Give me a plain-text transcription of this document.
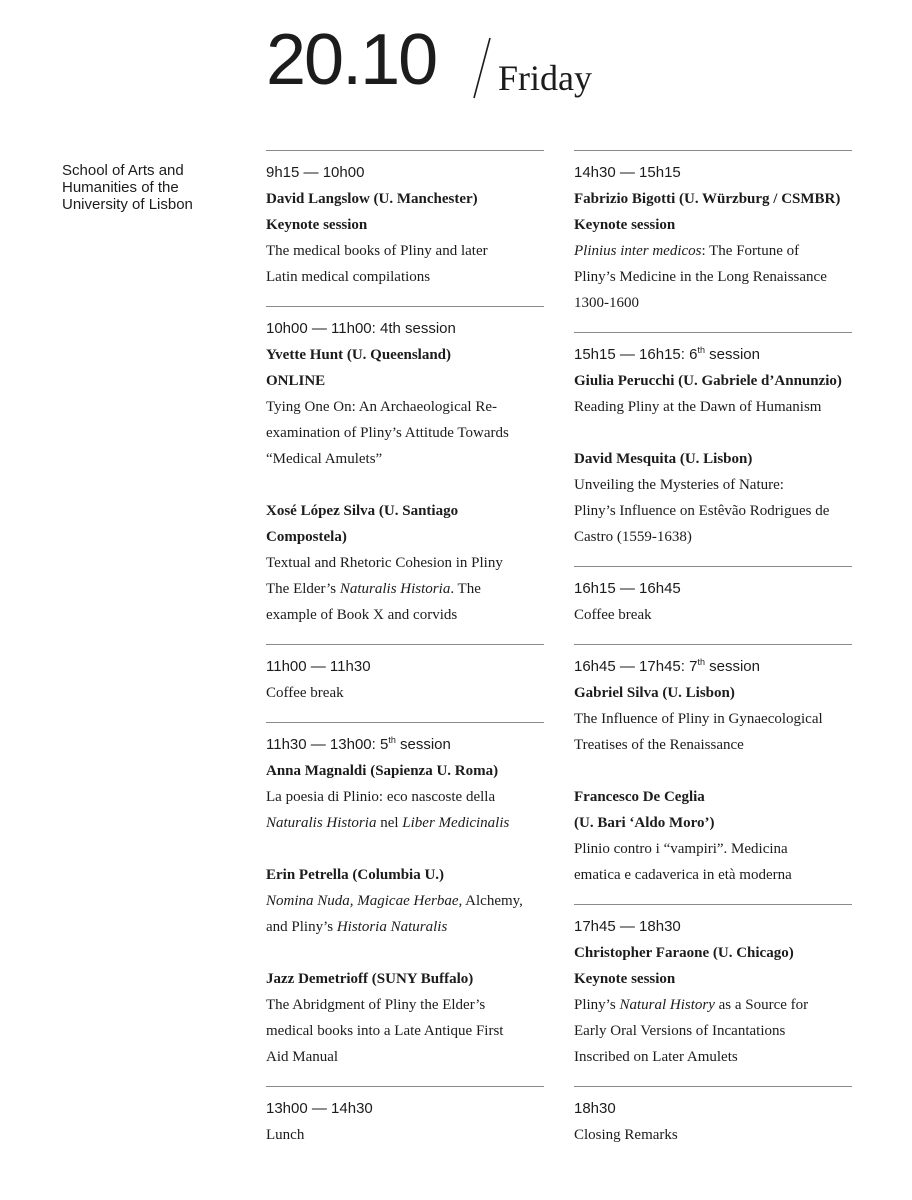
20.10 Friday
School of Arts and
Humanities of the
University of Lisbon
9h15 — 10h00
David Langslow (U. Manchester)
Keynote session
The medical books of Pliny and later
Latin medical compilations
10h00 — 11h00: 4th session
Yvette Hunt (U. Queensland)
ONLINE
Tying One On: An Archaeological Re-
examination of Pliny’s Attitude Towards
“Medical Amulets”
Xosé López Silva (U. Santiago
Compostela)
Textual and Rhetoric Cohesion in Pliny
The Elder’s Naturalis Historia. The
example of Book X and corvids
11h00 — 11h30
Coffee break
11h30 — 13h00: 5th session
Anna Magnaldi (Sapienza U. Roma)
La poesia di Plinio: eco nascoste della
Naturalis Historia nel Liber Medicinalis
Erin Petrella (Columbia U.)
Nomina Nuda, Magicae Herbae, Alchemy,
and Pliny’s Historia Naturalis
Jazz Demetrioff (SUNY Buffalo)
The Abridgment of Pliny the Elder’s
medical books into a Late Antique First
Aid Manual
13h00 — 14h30
Lunch
14h30 — 15h15
Fabrizio Bigotti (U. Würzburg / CSMBR)
Keynote session
Plinius inter medicos: The Fortune of
Pliny’s Medicine in the Long Renaissance
1300-1600
15h15 — 16h15: 6th session
Giulia Perucchi (U. Gabriele d’Annunzio)
Reading Pliny at the Dawn of Humanism
David Mesquita (U. Lisbon)
Unveiling the Mysteries of Nature:
Pliny’s Influence on Estêvão Rodrigues de
Castro (1559-1638)
16h15 — 16h45
Coffee break
16h45 — 17h45: 7th session
Gabriel Silva (U. Lisbon)
The Influence of Pliny in Gynaecological
Treatises of the Renaissance
Francesco De Ceglia
(U. Bari ‘Aldo Moro’)
Plinio contro i “vampiri”. Medicina
ematica e cadaverica in età moderna
17h45 — 18h30
Christopher Faraone (U. Chicago)
Keynote session
Pliny’s Natural History as a Source for
Early Oral Versions of Incantations
Inscribed on Later Amulets
18h30
Closing Remarks
